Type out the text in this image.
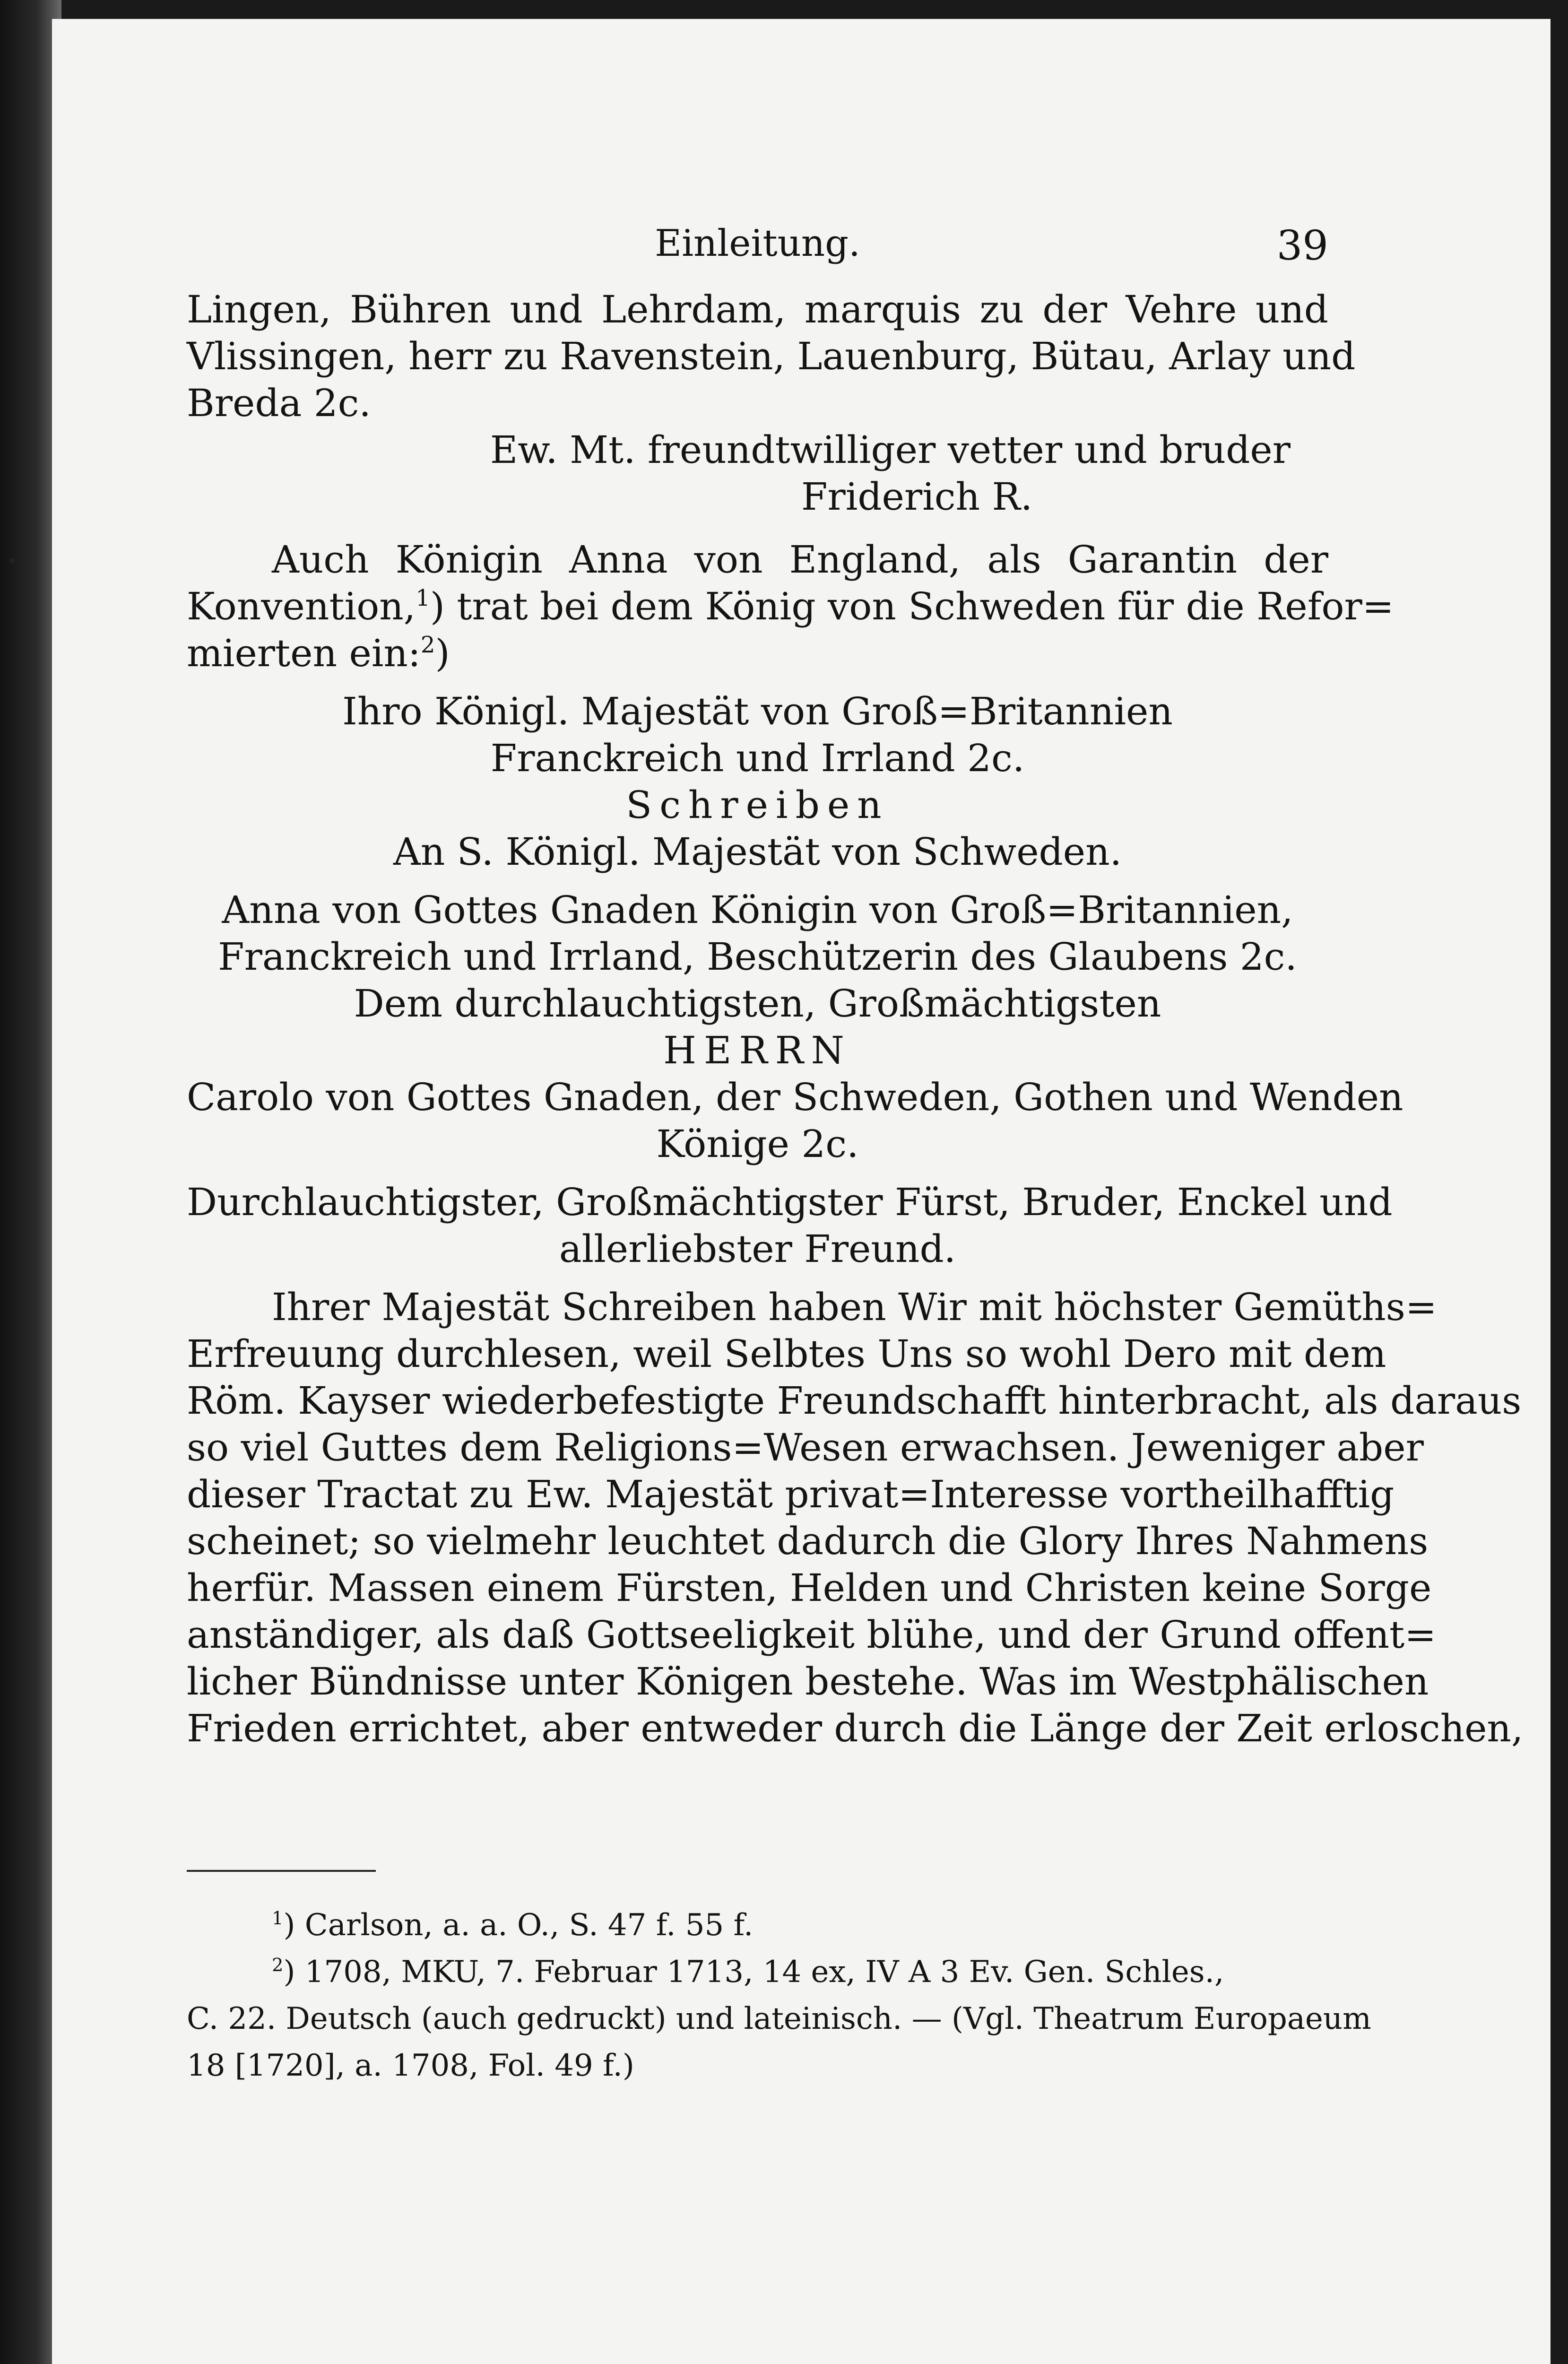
Einleitung.	39
Lingen, Bühren und Lehrdam, marquis zu der Vehre und
Vlissingen, herr zu Ravenstein, Lauenburg, Bütau, Arlay und
Breda 2c.
Ew. Mt. freundtwilliger vetter und bruder
Friderich R.
Auch Königin Anna von England, als Garantin der
Konvention,$^1$) trat bei dem König von Schweden für die Refor=
mierten ein:$^2$)
Ihro Königl. Majestät von Groß=Britannien
Franckreich und Irrland 2c.
Schreiben
An S. Königl. Majestät von Schweden.
Anna von Gottes Gnaden Königin von Groß=Britannien,
Franckreich und Irrland, Beschützerin des Glaubens 2c.
Dem durchlauchtigsten, Großmächtigsten
HERRN
Carolo von Gottes Gnaden, der Schweden, Gothen und Wenden
Könige 2c.
Durchlauchtigster, Großmächtigster Fürst, Bruder, Enckel und
allerliebster Freund.
Ihrer Majestät Schreiben haben Wir mit höchster Gemüths=
Erfreuung durchlesen, weil Selbtes Uns so wohl Dero mit dem
Röm. Kayser wiederbefestigte Freundschafft hinterbracht, als daraus
so viel Guttes dem Religions=Wesen erwachsen. Jeweniger aber
dieser Tractat zu Ew. Majestät privat=Interesse vortheilhafftig
scheinet; so vielmehr leuchtet dadurch die Glory Ihres Nahmens
herfür. Massen einem Fürsten, Helden und Christen keine Sorge
anständiger, als daß Gottseeligkeit blühe, und der Grund offent=
licher Bündnisse unter Königen bestehe. Was im Westphälischen
Frieden errichtet, aber entweder durch die Länge der Zeit erloschen,
$^1$) Carlson, a. a. O., S. 47 f. 55 f.
$^2$) 1708, MKU, 7. Februar 1713, 14 ex, IV A 3 Ev. Gen. Schles.,
C. 22. Deutsch (auch gedruckt) und lateinisch. — (Vgl. Theatrum Europaeum
18 [1720], a. 1708, Fol. 49 f.)
